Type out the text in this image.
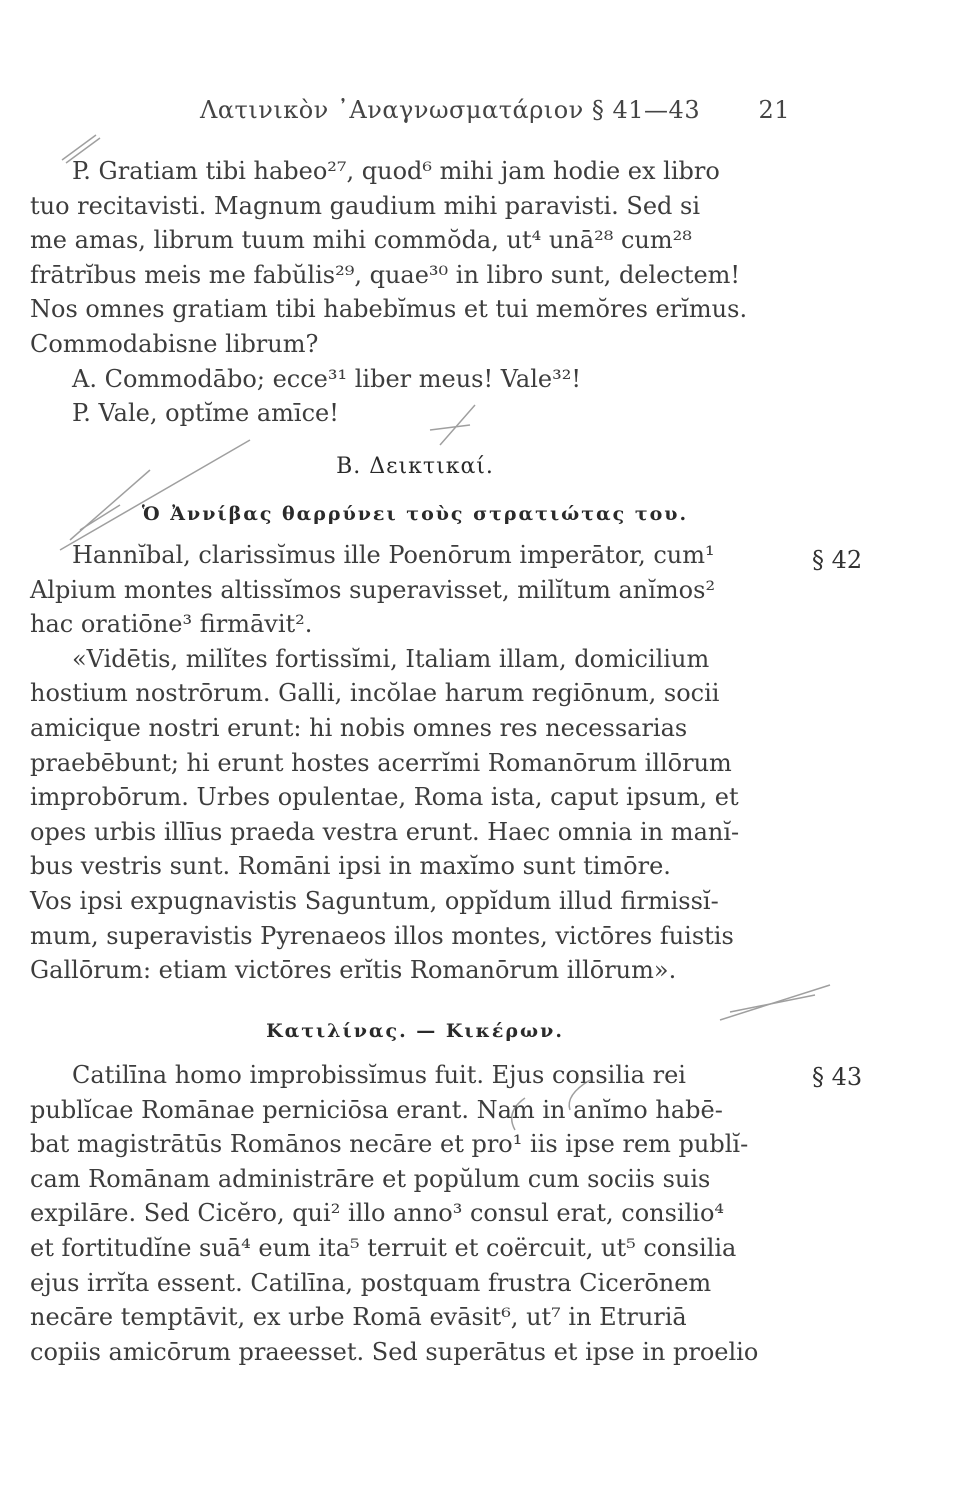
Λατινικὸν ᾿Αναγνωσματάριον § 41—43 21
P. Gratiam tibi habeo²⁷, quod⁶ mihi jam hodie ex libro
tuo recitavisti. Magnum gaudium mihi paravisti. Sed si
me amas, librum tuum mihi commŏda, ut⁴ unā²⁸ cum²⁸
frātrĭbus meis me fabŭlis²⁹, quae³⁰ in libro sunt, delectem!
Nos omnes gratiam tibi habebĭmus et tui memŏres erĭmus.
Commodabisne librum?
A. Commodābo; ecce³¹ liber meus! Vale³²!
P. Vale, optĭme amīce!
B. Δεικτικαί.
Ὁ Ἀννίβας θαρρύνει τοὺς στρατιώτας του.
§ 42
Hannĭbal, clarissĭmus ille Poenōrum imperātor, cum¹
Alpium montes altissĭmos superavisset, milĭtum anĭmos²
hac oratiōne³ firmāvit².
«Vidētis, milĭtes fortissĭmi, Italiam illam, domicilium
hostium nostrōrum. Galli, incŏlae harum regiōnum, socii
amicique nostri erunt: hi nobis omnes res necessarias
praebēbunt; hi erunt hostes acerrĭmi Romanōrum illōrum
improbōrum. Urbes opulentae, Roma ista, caput ipsum, et
opes urbis illīus praeda vestra erunt. Haec omnia in manĭ-
bus vestris sunt. Romāni ipsi in maxĭmo sunt timōre.
Vos ipsi expugnavistis Saguntum, oppĭdum illud firmissĭ-
mum, superavistis Pyrenaeos illos montes, victōres fuistis
Gallōrum: etiam victōres erĭtis Romanōrum illōrum».
Κατιλίνας. — Κικέρων.
§ 43
Catilīna homo improbissĭmus fuit. Ejus consilia rei
publĭcae Romānae perniciōsa erant. Nam in anĭmo habē-
bat magistrātūs Romānos necāre et pro¹ iis ipse rem publĭ-
cam Romānam administrāre et popŭlum cum sociis suis
expilāre. Sed Cicĕro, qui² illo anno³ consul erat, consilio⁴
et fortitudĭne suā⁴ eum ita⁵ terruit et coërcuit, ut⁵ consilia
ejus irrĭta essent. Catilīna, postquam frustra Cicerōnem
necāre temptāvit, ex urbe Romā evāsit⁶, ut⁷ in Etruriā
copiis amicōrum praeesset. Sed superātus et ipse in proelio
